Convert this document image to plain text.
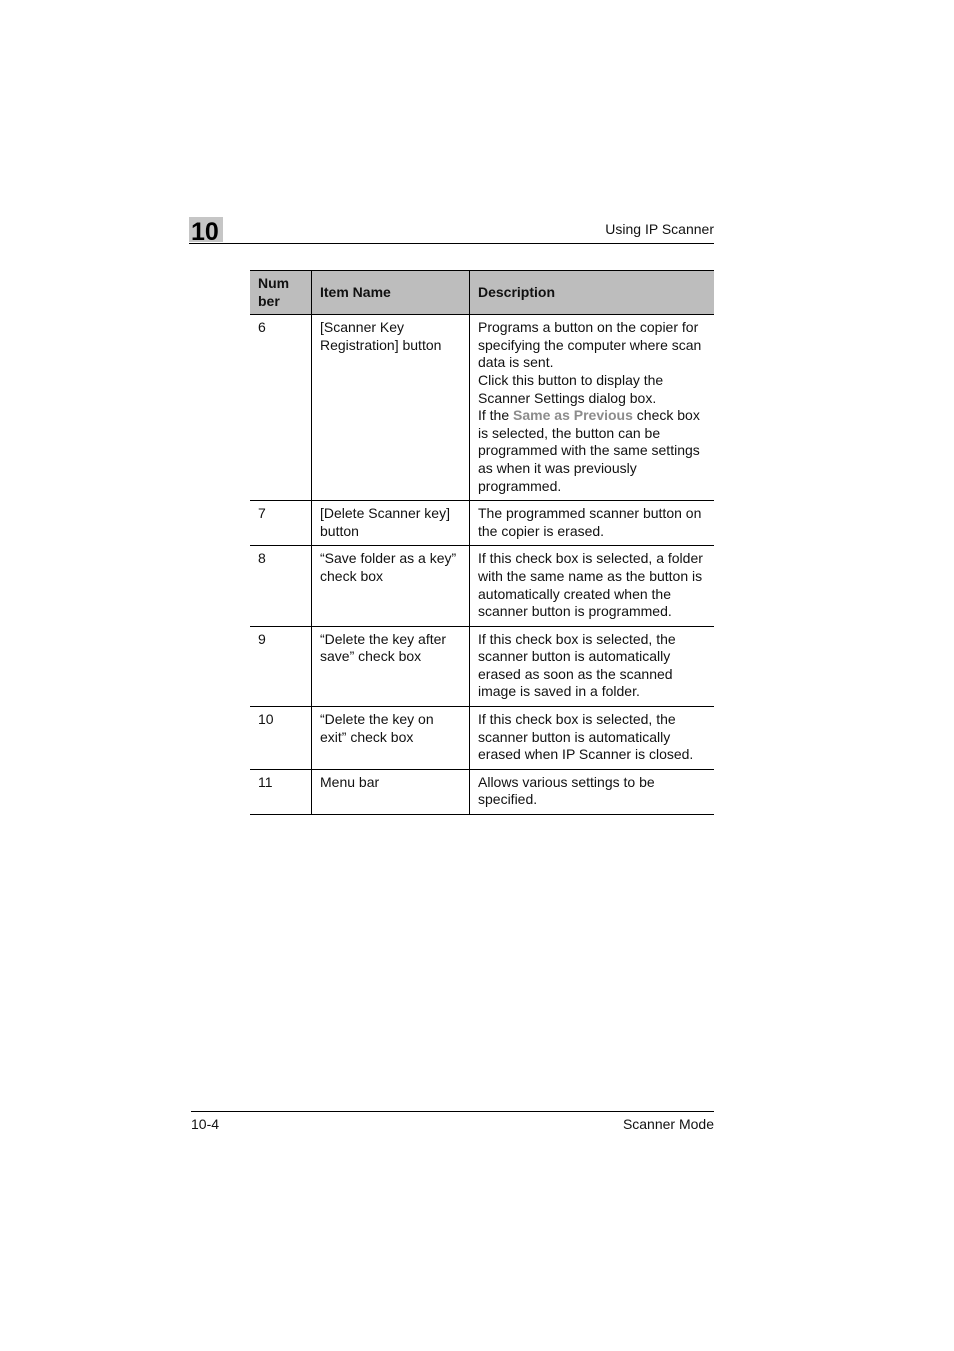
10	Using IP Scanner
Num
ber	Item Name	Description
6	[Scanner Key Registration] button	Programs a button on the copier for specifying the computer where scan data is sent.
Click this button to display the Scanner Settings dialog box.
If the Same as Previous check box is selected, the button can be programmed with the same settings as when it was previously programmed.

7	[Delete Scanner key] button	The programmed scanner button on the copier is erased.
8	“Save folder as a key” check box	If this check box is selected, a folder with the same name as the button is automatically created when the scanner button is programmed.
9	“Delete the key after save” check box	If this check box is selected, the scanner button is automatically erased as soon as the scanned image is saved in a folder.
10	“Delete the key on exit” check box	If this check box is selected, the scanner button is automatically erased when IP Scanner is closed.
11	Menu bar	Allows various settings to be specified.
10-4	Scanner Mode
